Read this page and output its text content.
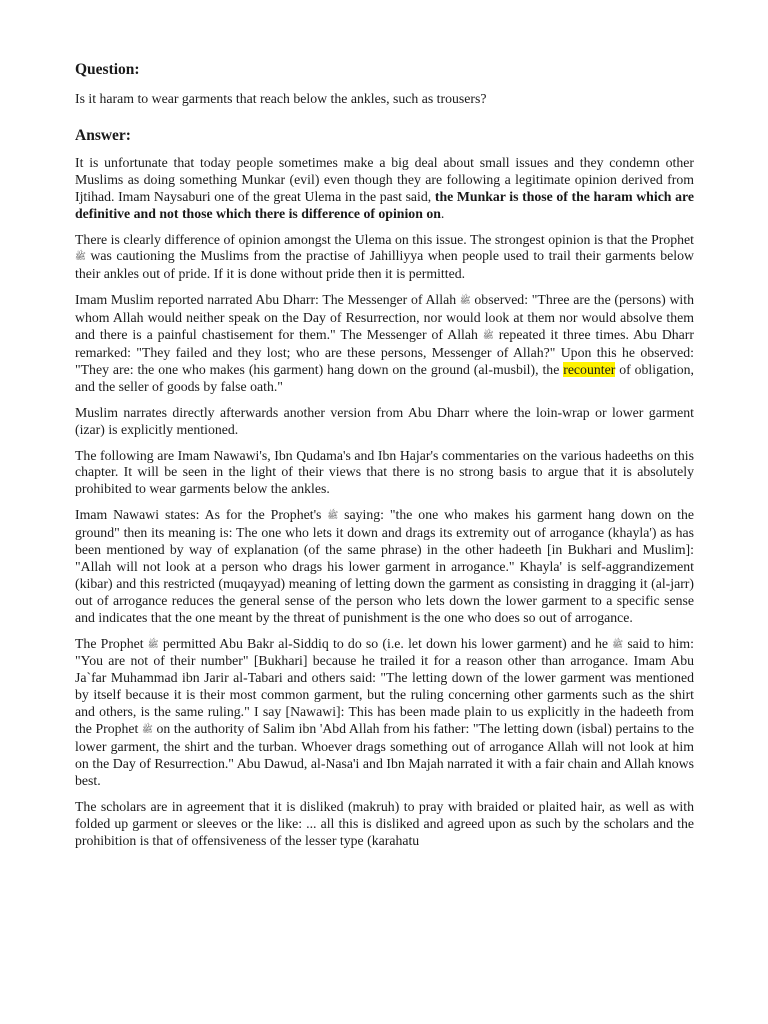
Question:

Is it haram to wear garments that reach below the ankles, such as trousers?

Answer:

It is unfortunate that today people sometimes make a big deal about small issues and they condemn other Muslims as doing something Munkar (evil) even though they are following a legitimate opinion derived from Ijtihad. Imam Naysaburi one of the great Ulema in the past said, the Munkar is those of the haram which are definitive and not those which there is difference of opinion on.

There is clearly difference of opinion amongst the Ulema on this issue. The strongest opinion is that the Prophet ﷺ was cautioning the Muslims from the practise of Jahilliyya when people used to trail their garments below their ankles out of pride. If it is done without pride then it is permitted.

Imam Muslim reported narrated Abu Dharr: The Messenger of Allah ﷺ observed: "Three are the (persons) with whom Allah would neither speak on the Day of Resurrection, nor would look at them nor would absolve them and there is a painful chastisement for them." The Messenger of Allah ﷺ repeated it three times. Abu Dharr remarked: "They failed and they lost; who are these persons, Messenger of Allah?" Upon this he observed: "They are: the one who makes (his garment) hang down on the ground (al-musbil), the recounter of obligation, and the seller of goods by false oath."

Muslim narrates directly afterwards another version from Abu Dharr where the loin-wrap or lower garment (izar) is explicitly mentioned.

The following are Imam Nawawi's, Ibn Qudama's and Ibn Hajar's commentaries on the various hadeeths on this chapter. It will be seen in the light of their views that there is no strong basis to argue that it is absolutely prohibited to wear garments below the ankles.

Imam Nawawi states: As for the Prophet's ﷺ saying: "the one who makes his garment hang down on the ground" then its meaning is: The one who lets it down and drags its extremity out of arrogance (khayla') as has been mentioned by way of explanation (of the same phrase) in the other hadeeth [in Bukhari and Muslim]: "Allah will not look at a person who drags his lower garment in arrogance." Khayla' is self-aggrandizement (kibar) and this restricted (muqayyad) meaning of letting down the garment as consisting in dragging it (al-jarr) out of arrogance reduces the general sense of the person who lets down the lower garment to a specific sense and indicates that the one meant by the threat of punishment is the one who does so out of arrogance.

The Prophet ﷺ permitted Abu Bakr al-Siddiq to do so (i.e. let down his lower garment) and he ﷺ said to him: "You are not of their number" [Bukhari] because he trailed it for a reason other than arrogance. Imam Abu Ja`far Muhammad ibn Jarir al-Tabari and others said: "The letting down of the lower garment was mentioned by itself because it is their most common garment, but the ruling concerning other garments such as the shirt and others, is the same ruling." I say [Nawawi]: This has been made plain to us explicitly in the hadeeth from the Prophet ﷺ on the authority of Salim ibn 'Abd Allah from his father: "The letting down (isbal) pertains to the lower garment, the shirt and the turban. Whoever drags something out of arrogance Allah will not look at him on the Day of Resurrection." Abu Dawud, al-Nasa'i and Ibn Majah narrated it with a fair chain and Allah knows best.

The scholars are in agreement that it is disliked (makruh) to pray with braided or plaited hair, as well as with folded up garment or sleeves or the like: ... all this is disliked and agreed upon as such by the scholars and the prohibition is that of offensiveness of the lesser type (karahatu
